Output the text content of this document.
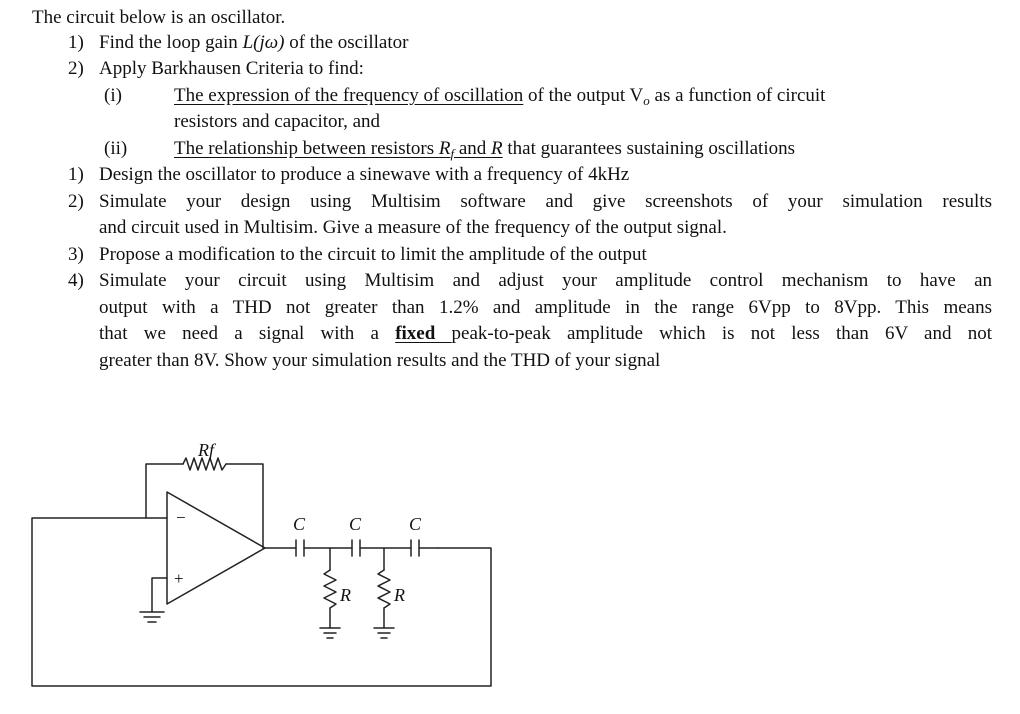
The circuit below is an oscillator.
1) Find the loop gain L(jω) of the oscillator
2) Apply Barkhausen Criteria to find:
(i)	The expression of the frequency of oscillation of the output $V_o$ as a function of circuit
resistors and capacitor, and
(ii) The relationship between resistors $R_f$ and R that guarantees sustaining oscillations
1) Design the oscillator to produce a sinewave with a frequency of 4kHz
2) Simulate your design using Multisim software and give screenshots of your simulation results
and circuit used in Multisim. Give a measure of the frequency of the output signal.
3) Propose a modification to the circuit to limit the amplitude of the output
4) Simulate your circuit using Multisim and adjust your amplitude control mechanism to have an
output with a THD not greater than 1.2% and amplitude in the range 6Vpp to 8Vpp. This means
that we need a signal with a fixed peak-to-peak amplitude which is not less than 6V and not
greater than 8V. Show your simulation results and the THD of your signal
Rf
−
+
C C	C
R R
